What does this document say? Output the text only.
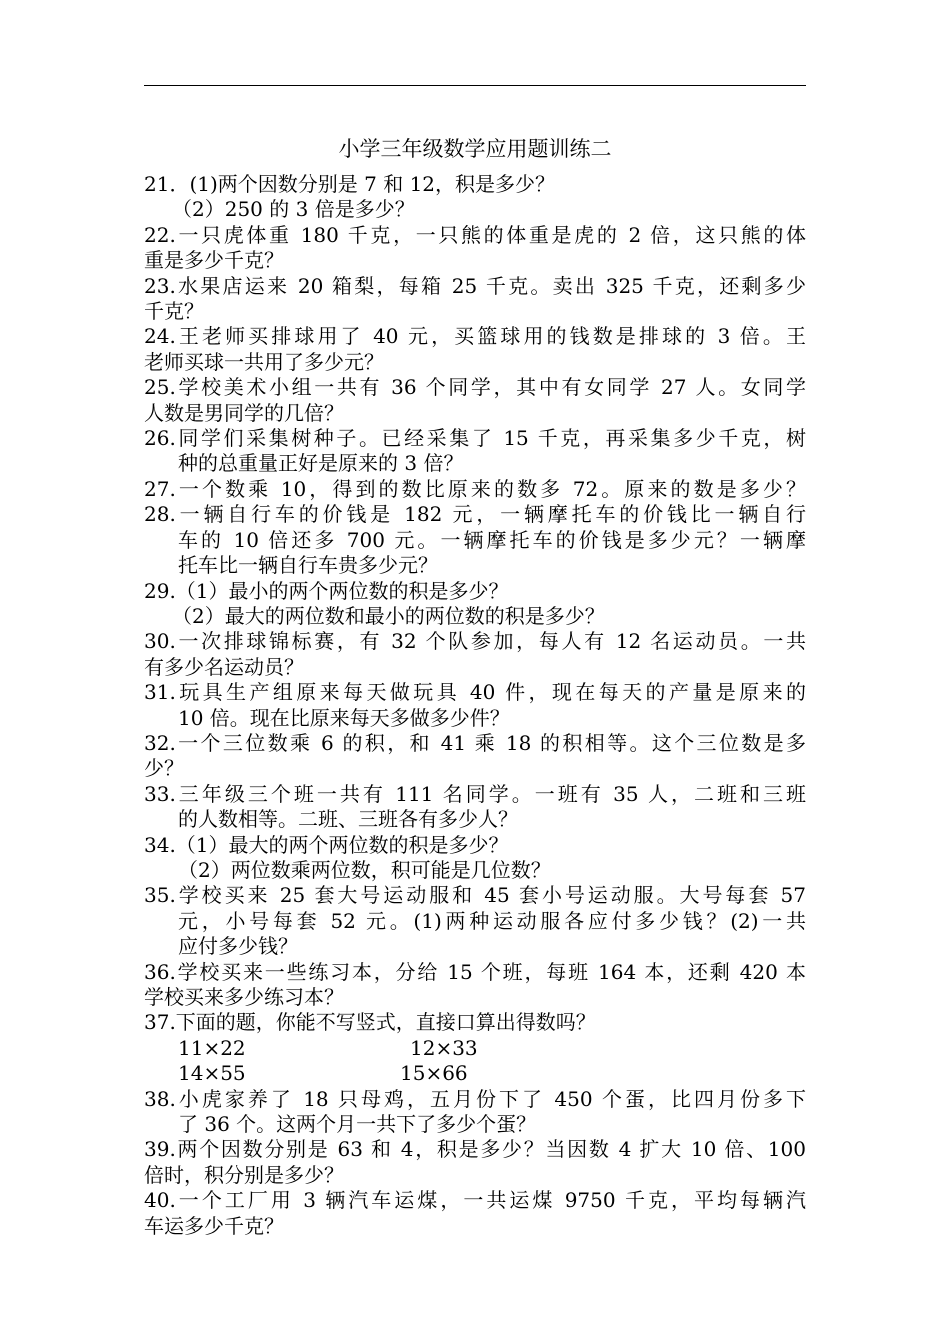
小学三年级数学应用题训练二
21．(1)两个因数分别是 7 和 12，积是多少？
（2）250 的 3 倍是多少？
22.一只虎体重 180 千克，一只熊的体重是虎的 2 倍，这只熊的体
重是多少千克？
23.水果店运来 20 箱梨，每箱 25 千克。卖出 325 千克，还剩多少
千克？
24.王老师买排球用了 40 元，买篮球用的钱数是排球的 3 倍。王
老师买球一共用了多少元？
25.学校美术小组一共有 36 个同学，其中有女同学 27 人。女同学
人数是男同学的几倍？
26.同学们采集树种子。已经采集了 15 千克，再采集多少千克，树
种的总重量正好是原来的 3 倍？
27.一个数乘 10，得到的数比原来的数多 72。原来的数是多少？
28.一辆自行车的价钱是 182 元，一辆摩托车的价钱比一辆自行
车的 10 倍还多 700 元。一辆摩托车的价钱是多少元？一辆摩
托车比一辆自行车贵多少元？
29.（1）最小的两个两位数的积是多少？
（2）最大的两位数和最小的两位数的积是多少？
30.一次排球锦标赛，有 32 个队参加，每人有 12 名运动员。一共
有多少名运动员？
31.玩具生产组原来每天做玩具 40 件，现在每天的产量是原来的
10 倍。现在比原来每天多做多少件？
32.一个三位数乘 6 的积，和 41 乘 18 的积相等。这个三位数是多
少？
33.三年级三个班一共有 111 名同学。一班有 35 人，二班和三班
的人数相等。二班、三班各有多少人？
34.（1）最大的两个两位数的积是多少？
（2）两位数乘两位数，积可能是几位数？
35.学校买来 25 套大号运动服和 45 套小号运动服。大号每套 57
元，小号每套 52 元。(1)两种运动服各应付多少钱？(2)一共
应付多少钱？
36.学校买来一些练习本，分给 15 个班，每班 164 本，还剩 420 本
学校买来多少练习本？
37.下面的题，你能不写竖式，直接口算出得数吗？
11×22	12×33
14×55	15×66
38.小虎家养了 18 只母鸡，五月份下了 450 个蛋，比四月份多下
了 36 个。这两个月一共下了多少个蛋？
39.两个因数分别是 63 和 4，积是多少？当因数 4 扩大 10 倍、100
倍时，积分别是多少？
40.一个工厂用 3 辆汽车运煤，一共运煤 9750 千克，平均每辆汽
车运多少千克？
